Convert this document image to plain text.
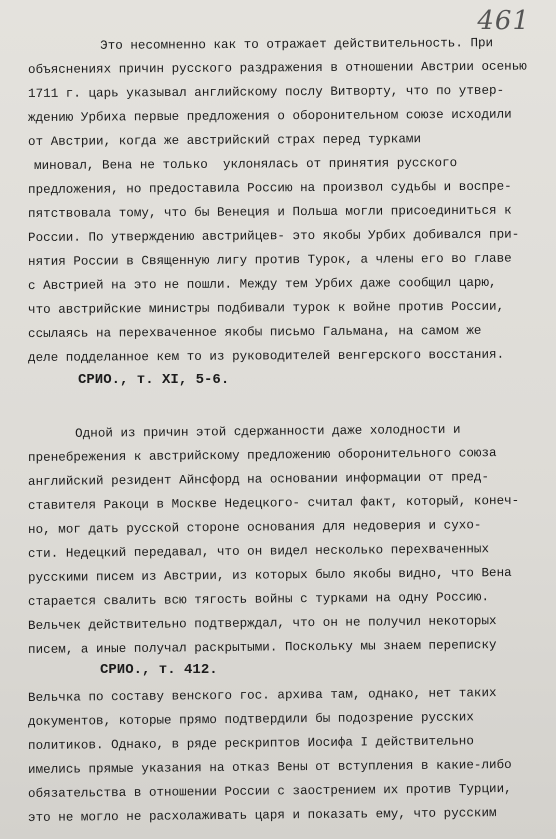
461
Это несомненно как то отражает действительность. При
объяснениях причин русского раздражения в отношении Австрии осенью
1711 г. царь указывал английскому послу Витворту, что по утвер-
ждению Урбиха первые предложения о оборонительном союзе исходили
от Австрии, когда же австрийский страх перед турками
миновал, Вена не только  уклонялась от принятия русского
предложения, но предоставила Россию на произвол судьбы и воспре-
пятствовала тому, что бы Венеция и Польша могли присоединиться к
России. По утверждению австрийцев- это якобы Урбих добивался при-
нятия России в Священную лигу против Турок, а члены его во главе
с Австрией на это не пошли. Между тем Урбих даже сообщил царю,
что австрийские министры подбивали турок к войне против России,
ссылаясь на перехваченное якобы письмо Гальмана, на самом же
деле подделанное кем то из руководителей венгерского восстания.
СРИО., т. XI, 5-6.
Одной из причин этой сдержанности даже холодности и
пренебрежения к австрийскому предложению оборонительного союза
английский резидент Айнсфорд на основании информации от пред-
ставителя Ракоци в Москве Недецкого- считал факт, который, конеч-
но, мог дать русской стороне основания для недоверия и сухо-
сти. Недецкий передавал, что он видел несколько перехваченных
русскими писем из Австрии, из которых было якобы видно, что Вена
старается свалить всю тягость войны с турками на одну Россию.
Вельчек действительно подтверждал, что он не получил некоторых
писем, а иные получал раскрытыми. Поскольку мы знаем переписку
СРИО., т. 412.
Вельчка по составу венского гос. архива там, однако, нет таких
документов, которые прямо подтвердили бы подозрение русских
политиков. Однако, в ряде рескриптов Иосифа I действительно
имелись прямые указания на отказ Вены от вступления в какие-либо
обязательства в отношении России с заострением их против Турции,
это не могло не расхолаживать царя и показать ему, что русским
